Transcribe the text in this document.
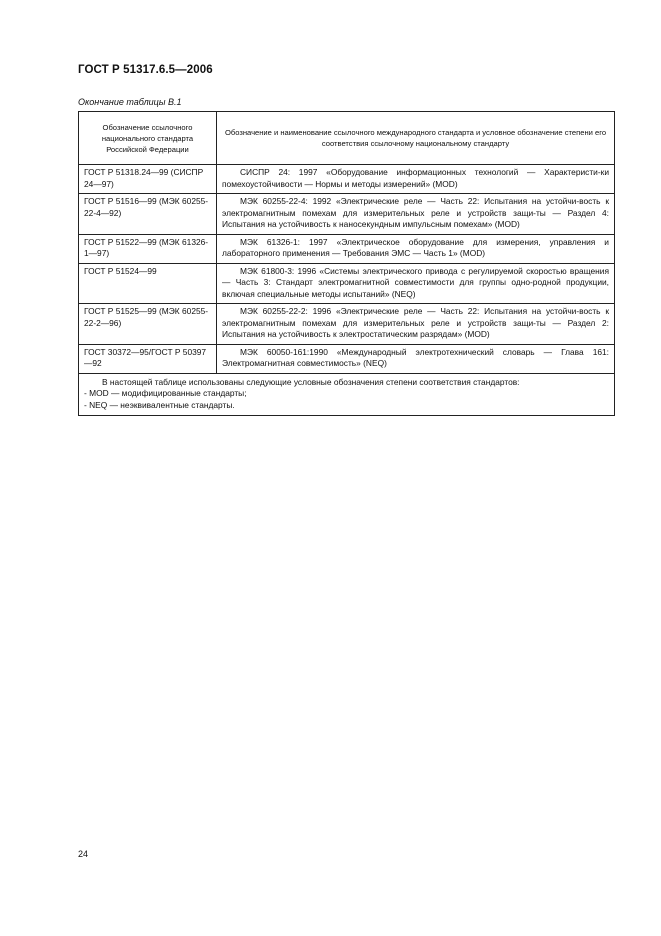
ГОСТ Р 51317.6.5—2006
Окончание таблицы В.1
Обозначение ссылочного национального стандарта Российской Федерации	Обозначение и наименование ссылочного международного стандарта и условное обозначение степени его соответствия ссылочному национальному стандарту
ГОСТ Р 51318.24—99 (СИСПР 24—97)	СИСПР 24: 1997 «Оборудование информационных технологий — Характеристи-ки помехоустойчивости — Нормы и методы измерений» (MOD)
ГОСТ Р 51516—99 (МЭК 60255-22-4—92)	МЭК 60255-22-4: 1992 «Электрические реле — Часть 22: Испытания на устойчи-вость к электромагнитным помехам для измерительных реле и устройств защи-ты — Раздел 4: Испытания на устойчивость к наносекундным импульсным помехам» (MOD)
ГОСТ Р 51522—99 (МЭК 61326-1—97)	МЭК 61326-1: 1997 «Электрическое оборудование для измерения, управления и лабораторного применения — Требования ЭМС — Часть 1» (MOD)
ГОСТ Р 51524—99	МЭК 61800-3: 1996 «Системы электрического привода с регулируемой скоростью вращения — Часть 3: Стандарт электромагнитной совместимости для группы одно-родной продукции, включая специальные методы испытаний» (NEQ)
ГОСТ Р 51525—99 (МЭК 60255-22-2—96)	МЭК 60255-22-2: 1996 «Электрические реле — Часть 22: Испытания на устойчи-вость к электромагнитным помехам для измерительных реле и устройств защи-ты — Раздел 2: Испытания на устойчивость к электростатическим разрядам» (MOD)
ГОСТ 30372—95/ГОСТ Р 50397—92	МЭК 60050-161:1990 «Международный электротехнический словарь — Глава 161: Электромагнитная совместимость» (NEQ)

В настоящей таблице использованы следующие условные обозначения степени соответствия стандартов:

- MOD — модифицированные стандарты;

- NEQ — неэквивалентные стандарты.	

24
